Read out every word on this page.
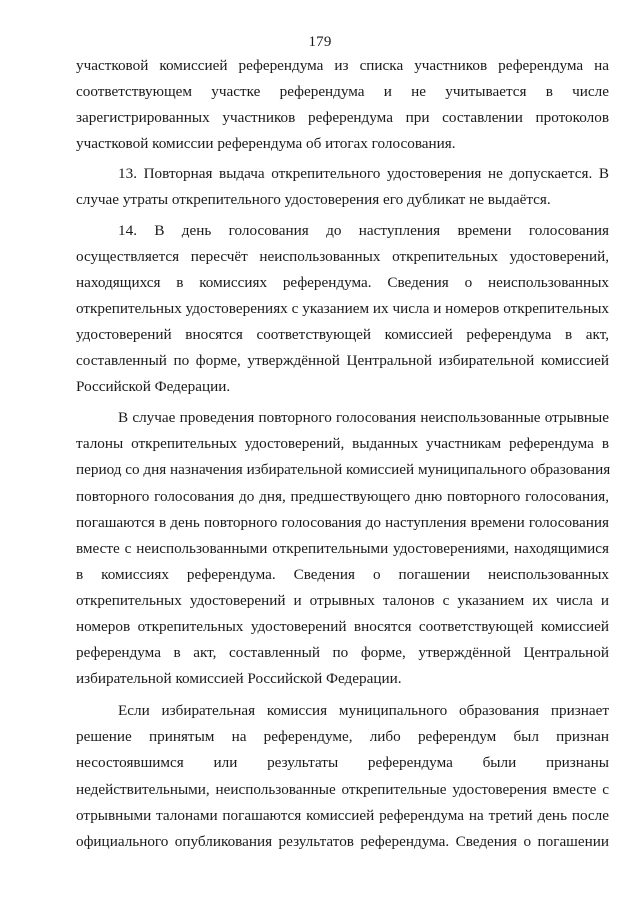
179
участковой комиссией референдума из списка участников референдума на
соответствующем участке референдума и не учитывается в числе
зарегистрированных участников референдума при составлении протоколов
участковой комиссии референдума об итогах голосования.
13. Повторная выдача открепительного удостоверения не допускается. В
случае утраты открепительного удостоверения его дубликат не выдаётся.
14. В день голосования до наступления времени голосования
осуществляется пересчёт неиспользованных открепительных удостоверений,
находящихся в комиссиях референдума. Сведения о неиспользованных
открепительных удостоверениях с указанием их числа и номеров открепительных
удостоверений вносятся соответствующей комиссией референдума в акт,
составленный по форме, утверждённой Центральной избирательной комиссией
Российской Федерации.
В случае проведения повторного голосования неиспользованные отрывные
талоны открепительных удостоверений, выданных участникам референдума в
период со дня назначения избирательной комиссией муниципального образования
повторного голосования до дня, предшествующего дню повторного голосования,
погашаются в день повторного голосования до наступления времени голосования
вместе с неиспользованными открепительными удостоверениями, находящимися
в комиссиях референдума. Сведения о погашении неиспользованных
открепительных удостоверений и отрывных талонов с указанием их числа и
номеров открепительных удостоверений вносятся соответствующей комиссией
референдума в акт, составленный по форме, утверждённой Центральной
избирательной комиссией Российской Федерации.
Если избирательная комиссия муниципального образования признает
решение принятым на референдуме, либо референдум был признан
несостоявшимся или результаты референдума были признаны
недействительными, неиспользованные открепительные удостоверения вместе с
отрывными талонами погашаются комиссией референдума на третий день после
официального опубликования результатов референдума. Сведения о погашении
